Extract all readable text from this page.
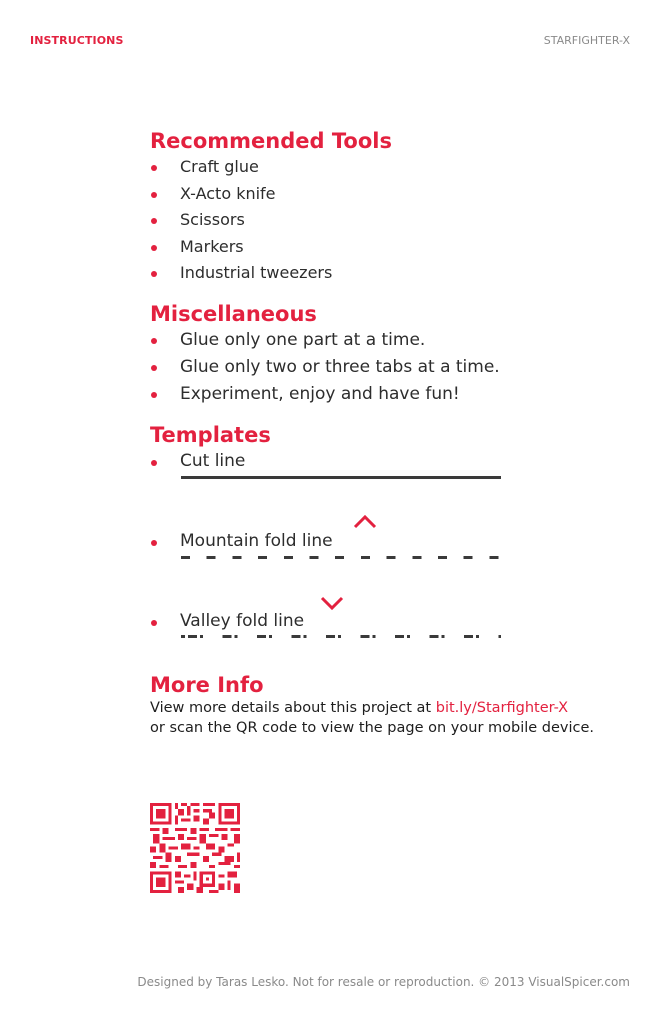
INSTRUCTIONS	STARFIGHTER-X
Recommended Tools
Craft glue
X-Acto knife
Scissors
Markers
Industrial tweezers
Miscellaneous
Glue only one part at a time.
Glue only two or three tabs at a time.
Experiment, enjoy and have fun!
Templates
Cut line
Mountain fold line
Valley fold line
More Info
View more details about this project at bit.ly/Starfighter-X
or scan the QR code to view the page on your mobile device.
Designed by Taras Lesko. Not for resale or reproduction. © 2013 VisualSpicer.com
